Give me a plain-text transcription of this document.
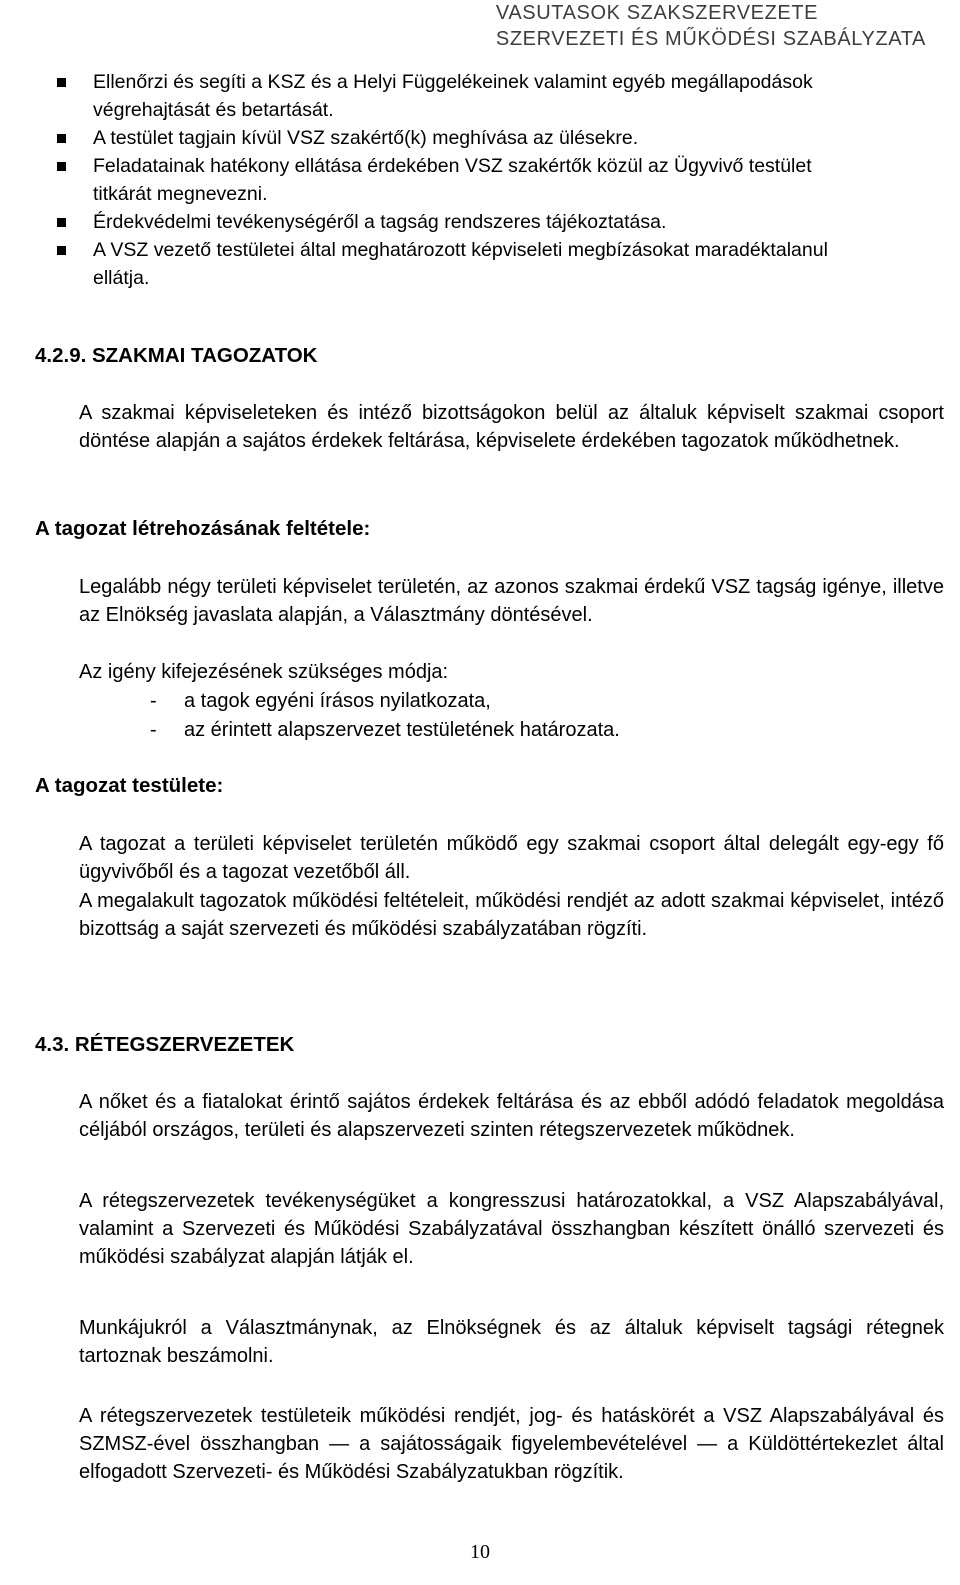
VASUTASOK SZAKSZERVEZETE
SZERVEZETI ÉS MŰKÖDÉSI SZABÁLYZATA
Ellenőrzi és segíti a KSZ és a Helyi Függelékeinek valamint egyéb megállapodások végrehajtását és betartását.
A testület tagjain kívül VSZ szakértő(k) meghívása az ülésekre.
Feladatainak hatékony ellátása érdekében VSZ szakértők közül az Ügyvivő testület titkárát megnevezni.
Érdekvédelmi tevékenységéről a tagság rendszeres tájékoztatása.
A VSZ vezető testületei által meghatározott képviseleti megbízásokat maradéktalanul ellátja.
4.2.9. SZAKMAI TAGOZATOK
A szakmai képviseleteken és intéző bizottságokon belül az általuk képviselt szakmai csoport döntése alapján a sajátos érdekek feltárása, képviselete érdekében tagozatok működhetnek.
A tagozat létrehozásának feltétele:
Legalább négy területi képviselet területén, az azonos szakmai érdekű VSZ tagság igénye, illetve az Elnökség javaslata alapján, a Választmány döntésével.
Az igény kifejezésének szükséges módja:
- a tagok egyéni írásos nyilatkozata,
- az érintett alapszervezet testületének határozata.
A tagozat testülete:
A tagozat a területi képviselet területén működő egy szakmai csoport által delegált egy-egy fő ügyvivőből és a tagozat vezetőből áll.
A megalakult tagozatok működési feltételeit, működési rendjét az adott szakmai képviselet, intéző bizottság a saját szervezeti és működési szabályzatában rögzíti.
4.3. RÉTEGSZERVEZETEK
A nőket és a fiatalokat érintő sajátos érdekek feltárása és az ebből adódó feladatok megoldása céljából országos, területi és alapszervezeti szinten rétegszervezetek működnek.
A rétegszervezetek tevékenységüket a kongresszusi határozatokkal, a VSZ Alapszabályával, valamint a Szervezeti és Működési Szabályzatával összhangban készített önálló szervezeti és működési szabályzat alapján látják el.
Munkájukról a Választmánynak, az Elnökségnek és az általuk képviselt tagsági rétegnek tartoznak beszámolni.
A rétegszervezetek testületeik működési rendjét, jog- és hatáskörét a VSZ Alapszabályával és SZMSZ-ével összhangban — a sajátosságaik figyelembevételével — a Küldöttértekezlet által elfogadott Szervezeti- és Működési Szabályzatukban rögzítik.
10
